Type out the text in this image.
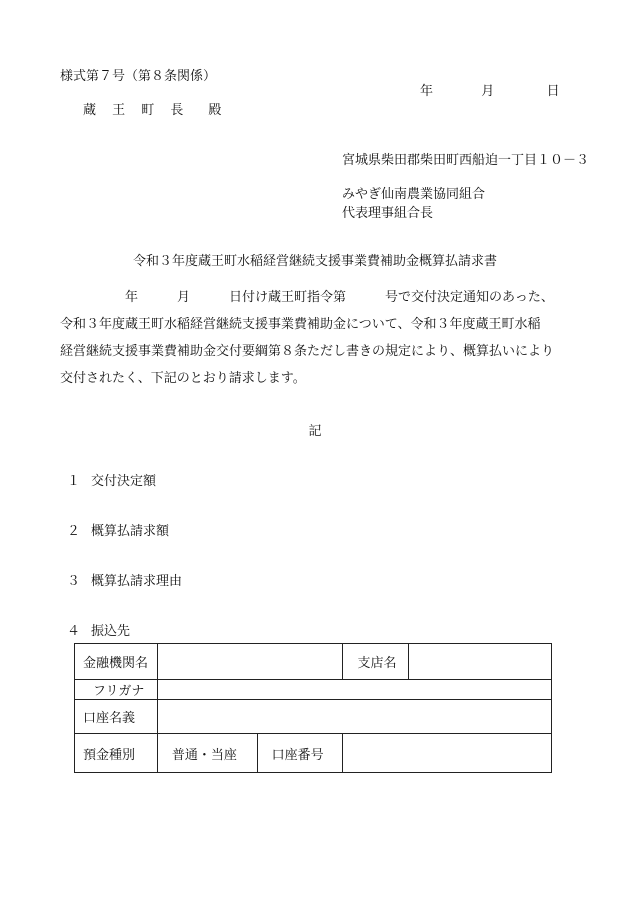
様式第７号（第８条関係）
年	月	日
蔵 王 町 長　殿
宮城県柴田郡柴田町西船迫一丁目１０－３
みやぎ仙南農業協同組合
代表理事組合長
令和３年度蔵王町水稲経営継続支援事業費補助金概算払請求書
　　　　　年　　　月　　　日付け蔵王町指令第　　　号で交付決定通知のあった、
令和３年度蔵王町水稲経営継続支援事業費補助金について、令和３年度蔵王町水稲
経営継続支援事業費補助金交付要綱第８条ただし書きの規定により、概算払いにより
交付されたく、下記のとおり請求します。
記
１ 交付決定額
２ 概算払請求額
３ 概算払請求理由
４ 振込先
金融機関名			支店名	
フリガナ				
口座名義				
預金種別	普通・当座	口座番号		
